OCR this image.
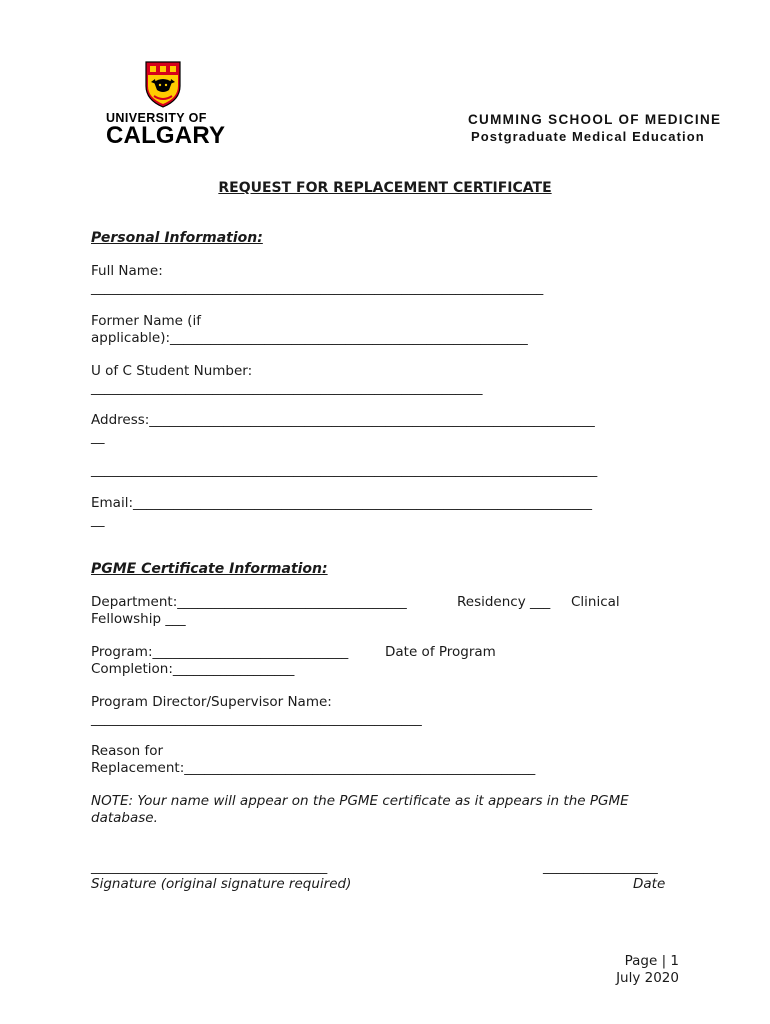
UNIVERSITY OF
CALGARY
CUMMING SCHOOL OF MEDICINE
Postgraduate Medical Education
REQUEST FOR REPLACEMENT CERTIFICATE
Personal Information:
Full Name:
___________________________________________________________________
Former Name (if
applicable):_____________________________________________________
U of C Student Number:
__________________________________________________________
Address:__________________________________________________________________
__
___________________________________________________________________________
Email:____________________________________________________________________
__
PGME Certificate Information:
Department:__________________________________	Residency ___ Clinical
Fellowship ___
Program:_____________________________	Date of Program
Completion:__________________
Program Director/Supervisor Name:
_________________________________________________
Reason for
Replacement:____________________________________________________
NOTE: Your name will appear on the PGME certificate as it appears in the PGME
database.
___________________________________
Signature (original signature required)
_________________
Date
Page | 1
July 2020
